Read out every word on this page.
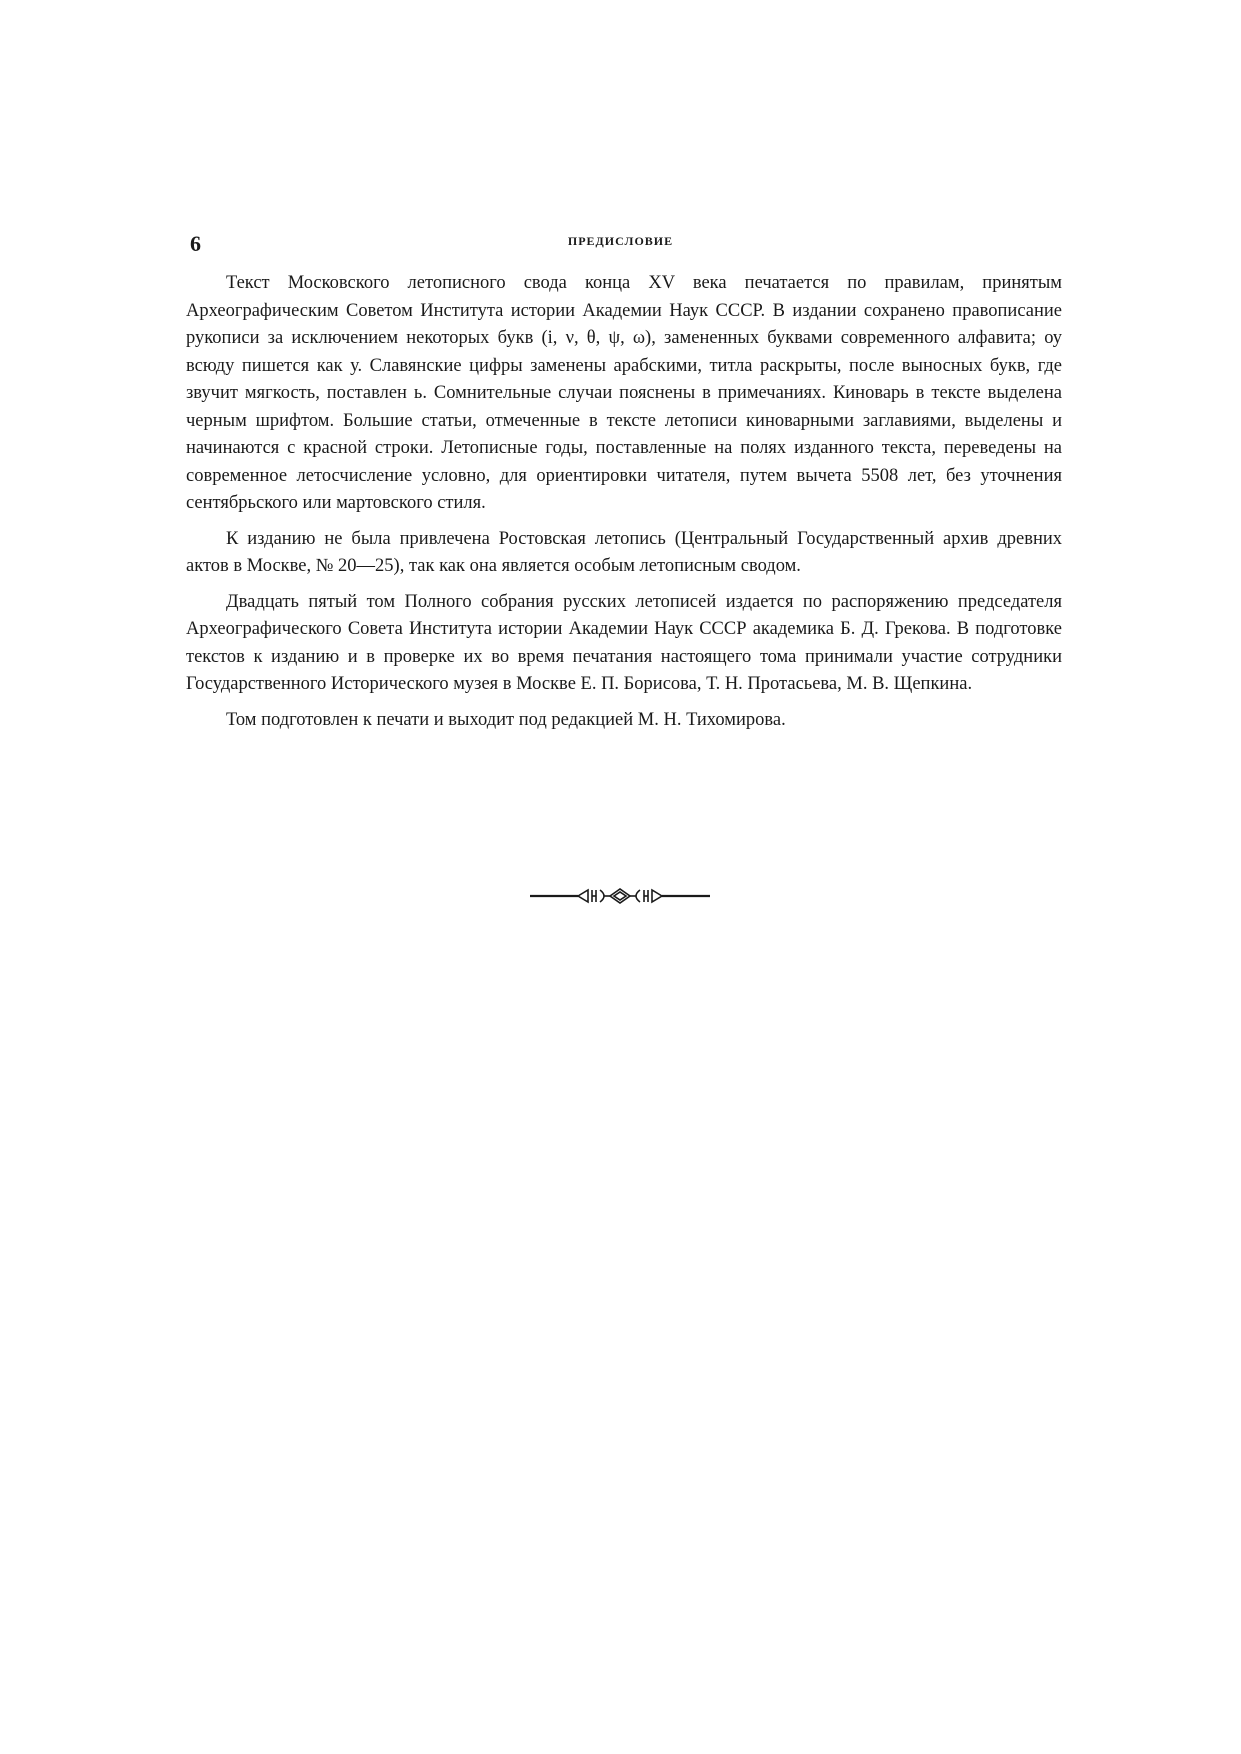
6	ПРЕДИСЛОВИЕ

Текст Московского летописного свода конца XV века печатается по правилам, принятым Археографическим Советом Института истории Академии Наук СССР. В издании сохранено правописание рукописи за исключением некоторых букв (i, ν, θ, ψ, ω), замененных буквами современного алфавита; оу всюду пишется как у. Славянские цифры заменены арабскими, титла раскрыты, после выносных букв, где звучит мягкость, поставлен ь. Сомнительные случаи пояснены в примечаниях. Киноварь в тексте выделена черным шрифтом. Большие статьи, отмеченные в тексте летописи киноварными заглавиями, выделены и начинаются с красной строки. Летописные годы, поставленные на полях изданного текста, переведены на современное летосчисление условно, для ориентировки читателя, путем вычета 5508 лет, без уточнения сентябрьского или мартовского стиля.

К изданию не была привлечена Ростовская летопись (Центральный Государственный архив древних актов в Москве, № 20—25), так как она является особым летописным сводом.

Двадцать пятый том Полного собрания русских летописей издается по распоряжению председателя Археографического Совета Института истории Академии Наук СССР академика Б. Д. Грекова. В подготовке текстов к изданию и в проверке их во время печатания настоящего тома принимали участие сотрудники Государственного Исторического музея в Москве Е. П. Борисова, Т. Н. Протасьева, М. В. Щепкина.

Том подготовлен к печати и выходит под редакцией М. Н. Тихомирова.
